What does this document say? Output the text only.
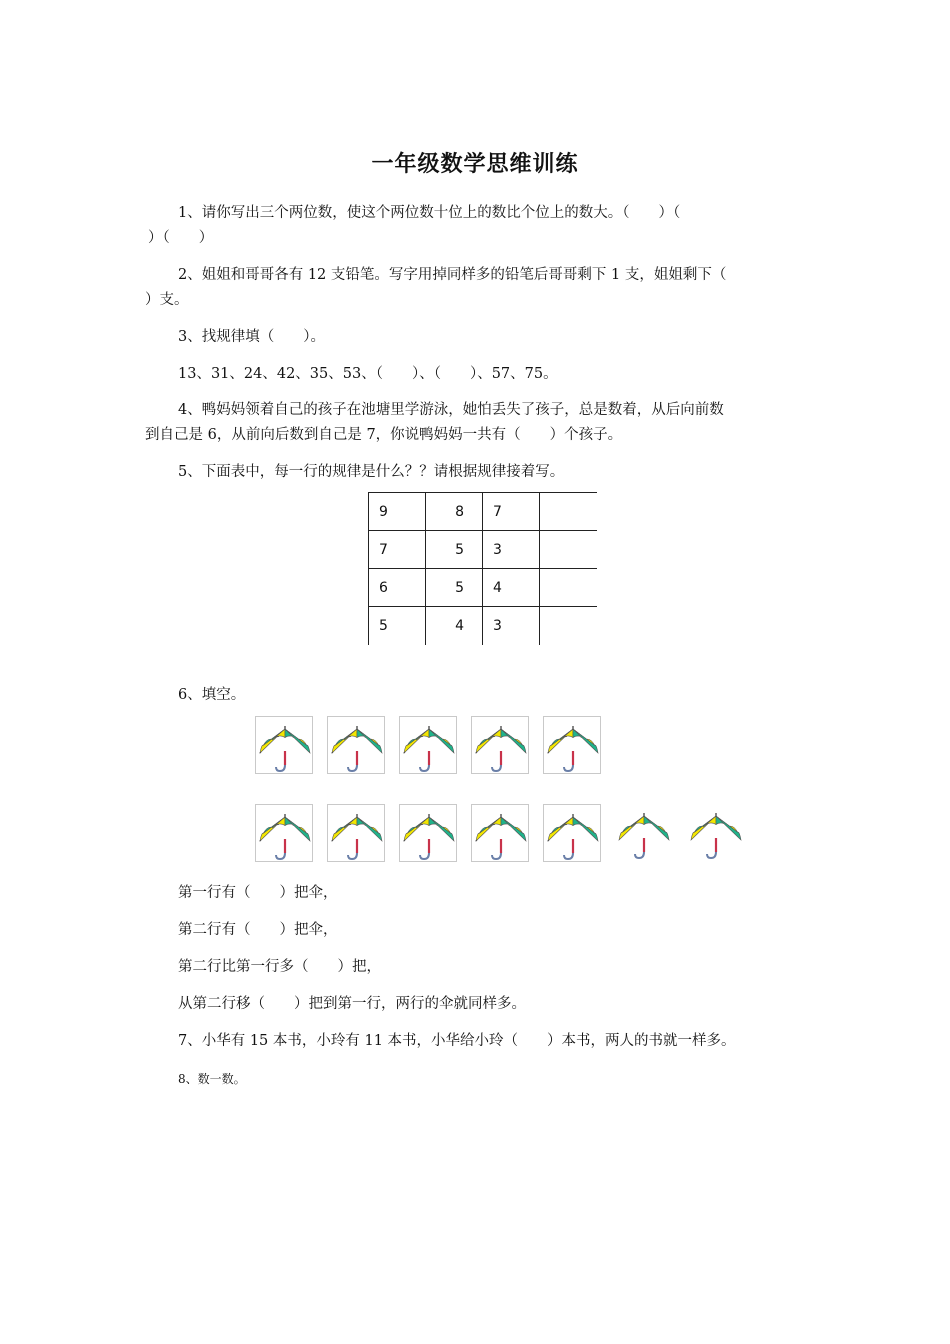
一年级数学思维训练
1、请你写出三个两位数，使这个两位数十位上的数比个位上的数大。（　　）（
）（　　）
2、姐姐和哥哥各有 12 支铅笔。写字用掉同样多的铅笔后哥哥剩下 1 支，姐姐剩下（
）支。
3、找规律填（　　）。
13、31、24、42、35、53、（　　）、（　　）、57、75。
4、鸭妈妈领着自己的孩子在池塘里学游泳，她怕丢失了孩子，总是数着，从后向前数
到自己是 6，从前向后数到自己是 7，你说鸭妈妈一共有（　　）个孩子。
5、下面表中，每一行的规律是什么？？请根据规律接着写。
9	8	7	
7	5	3	
6	5	4	
5	4	3	
6、填空。
第一行有（　　）把伞，
第二行有（　　）把伞，
第二行比第一行多（　　）把，
从第二行移（　　）把到第一行，两行的伞就同样多。
7、小华有 15 本书，小玲有 11 本书，小华给小玲（　　）本书，两人的书就一样多。
8、数一数。
